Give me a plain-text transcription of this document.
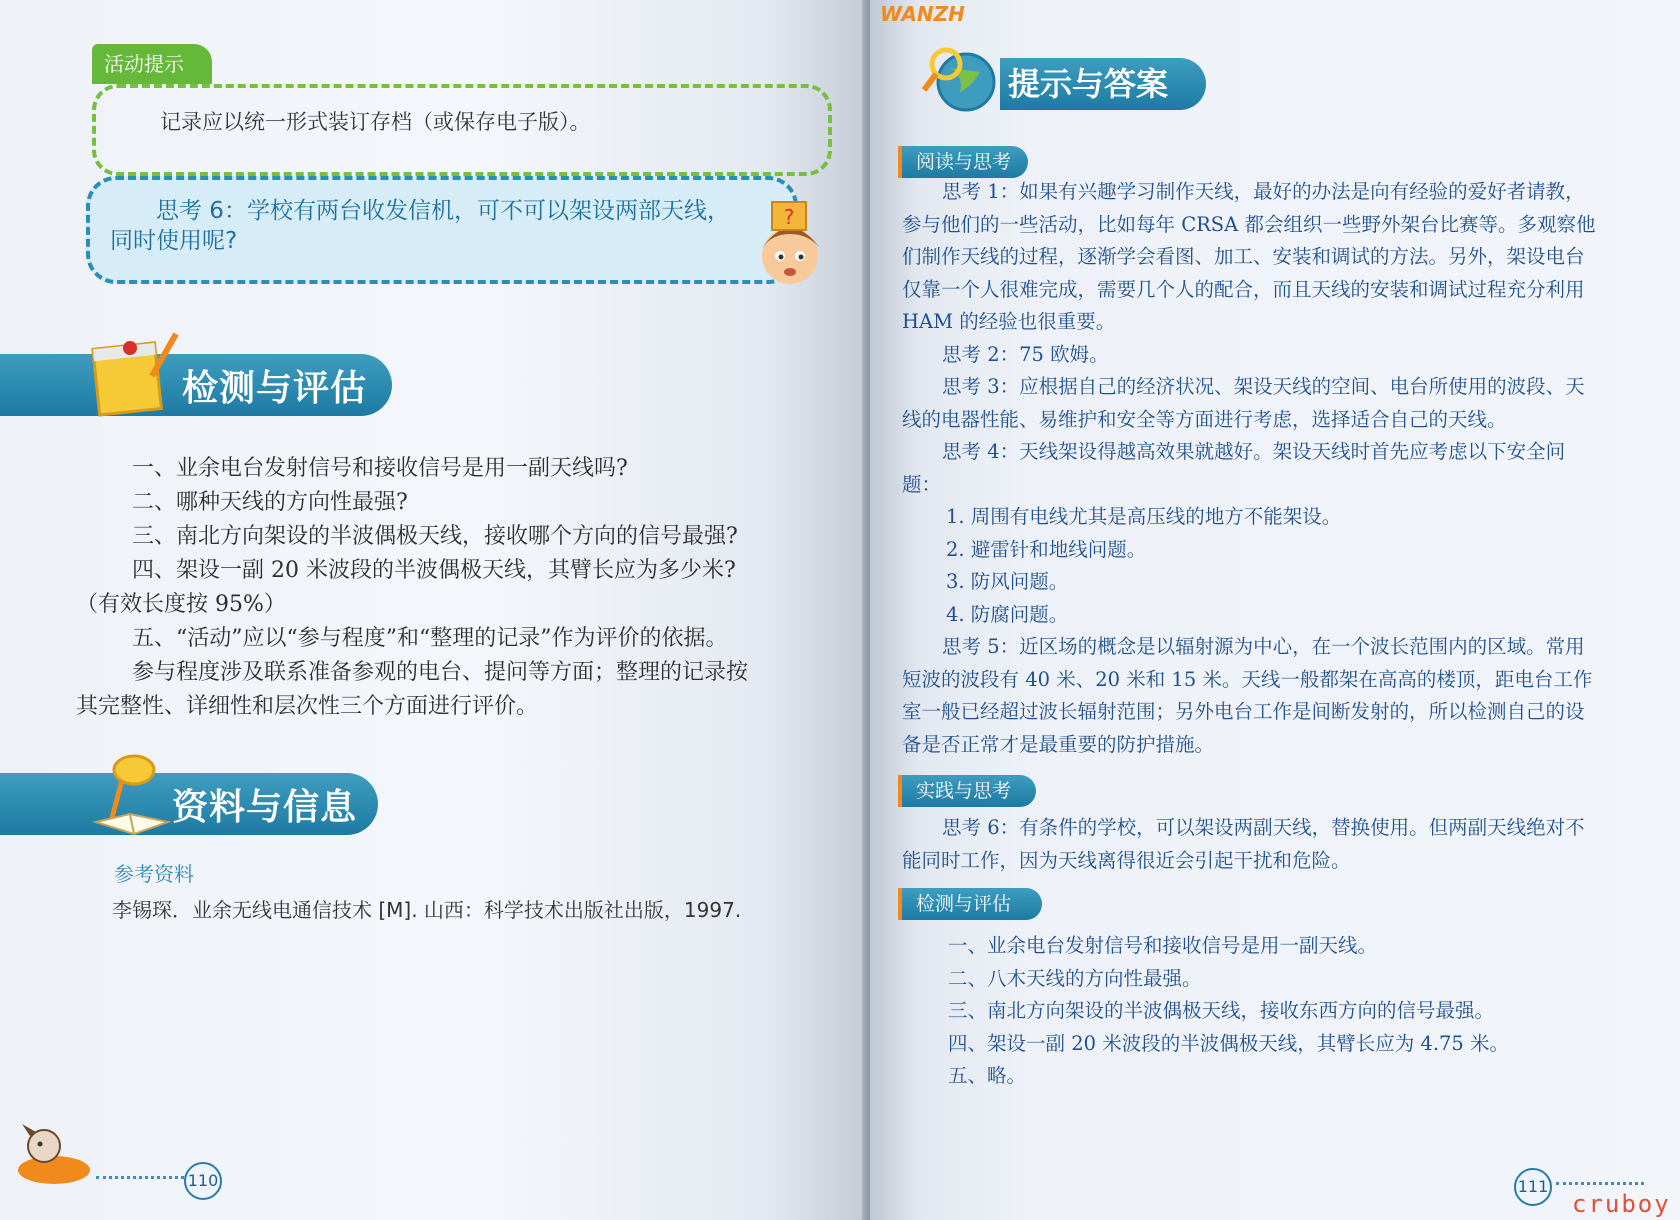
活动提示
记录应以统一形式装订存档（或保存电子版）。
思考 6：学校有两台收发信机，可不可以架设两部天线，
同时使用呢?
?
检测与评估

一、业余电台发射信号和接收信号是用一副天线吗?

二、哪种天线的方向性最强?

三、南北方向架设的半波偶极天线，接收哪个方向的信号最强?

四、架设一副 20 米波段的半波偶极天线，其臂长应为多少米?

（有效长度按 95%）

五、“活动”应以“参与程度”和“整理的记录”作为评价的依据。

参与程度涉及联系准备参观的电台、提问等方面；整理的记录按

其完整性、详细性和层次性三个方面进行评价。

资料与信息
参考资料
李锡琛．业余无线电通信技术 [M]. 山西：科学技术出版社出版，1997.
110
WANZH
提示与答案
阅读与思考

思考 1：如果有兴趣学习制作天线，最好的办法是向有经验的爱好者请教，

参与他们的一些活动，比如每年 CRSA 都会组织一些野外架台比赛等。多观察他

们制作天线的过程，逐渐学会看图、加工、安装和调试的方法。另外，架设电台

仅靠一个人很难完成，需要几个人的配合，而且天线的安装和调试过程充分利用

HAM 的经验也很重要。

思考 2：75 欧姆。

思考 3：应根据自己的经济状况、架设天线的空间、电台所使用的波段、天

线的电器性能、易维护和安全等方面进行考虑，选择适合自己的天线。

思考 4：天线架设得越高效果就越好。架设天线时首先应考虑以下安全问

题：

1. 周围有电线尤其是高压线的地方不能架设。

2. 避雷针和地线问题。

3. 防风问题。

4. 防腐问题。

思考 5：近区场的概念是以辐射源为中心，在一个波长范围内的区域。常用

短波的波段有 40 米、20 米和 15 米。天线一般都架在高高的楼顶，距电台工作

室一般已经超过波长辐射范围；另外电台工作是间断发射的，所以检测自己的设

备是否正常才是最重要的防护措施。

实践与思考

思考 6：有条件的学校，可以架设两副天线，替换使用。但两副天线绝对不

能同时工作，因为天线离得很近会引起干扰和危险。

检测与评估

一、业余电台发射信号和接收信号是用一副天线。

二、八木天线的方向性最强。

三、南北方向架设的半波偶极天线，接收东西方向的信号最强。

四、架设一副 20 米波段的半波偶极天线，其臂长应为 4.75 米。

五、略。

111
cruboy
